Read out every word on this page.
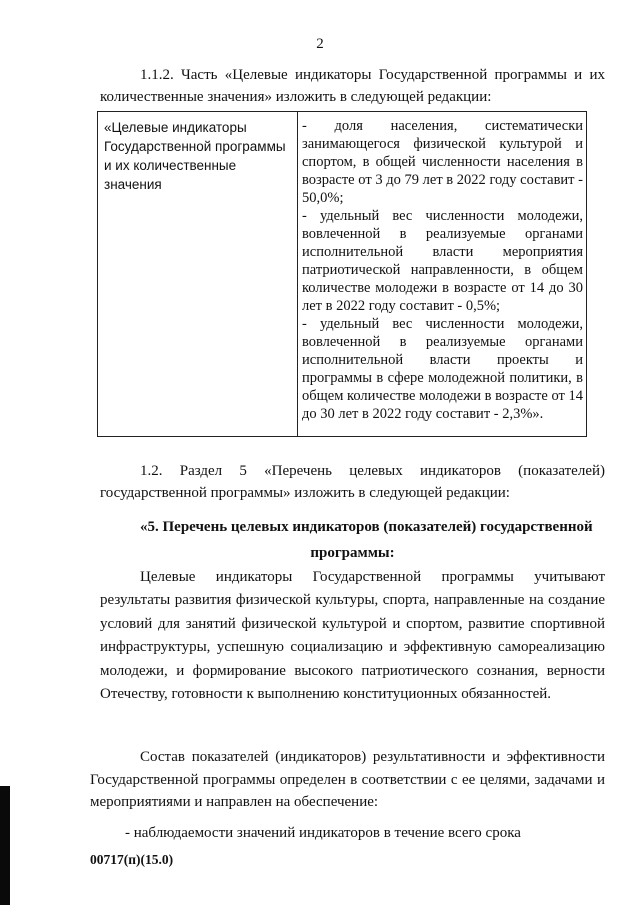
2
1.1.2. Часть «Целевые индикаторы Государственной программы и их количественные значения» изложить в следующей редакции:
«Целевые индикаторы Государственной программы и их количественные значения

- доля населения, систематически занимающегося физической культурой и спортом, в общей численности населения в возрасте от 3 до 79 лет в 2022 году составит - 50,0%;

- удельный вес численности молодежи, вовлеченной в реализуемые органами исполнительной власти мероприятия патриотической направленности, в общем количестве молодежи в возрасте от 14 до 30 лет в 2022 году составит - 0,5%;

- удельный вес численности молодежи, вовлеченной в реализуемые органами исполнительной власти проекты и программы в сфере молодежной политики, в общем количестве молодежи в возрасте от 14 до 30 лет в 2022 году составит - 2,3%».

1.2. Раздел 5 «Перечень целевых индикаторов (показателей) государственной программы» изложить в следующей редакции:
«5. Перечень целевых индикаторов (показателей) государственной
программы:
Целевые индикаторы Государственной программы учитывают результаты развития физической культуры, спорта, направленные на создание условий для занятий физической культурой и спортом, развитие спортивной инфраструктуры, успешную социализацию и эффективную самореализацию молодежи, и формирование высокого патриотического сознания, верности Отечеству, готовности к выполнению конституционных обязанностей.
Состав показателей (индикаторов) результативности и эффективности Государственной программы определен в соответствии с ее целями, задачами и мероприятиями и направлен на обеспечение:
- наблюдаемости значений индикаторов в течение всего срока
00717(п)(15.0)
